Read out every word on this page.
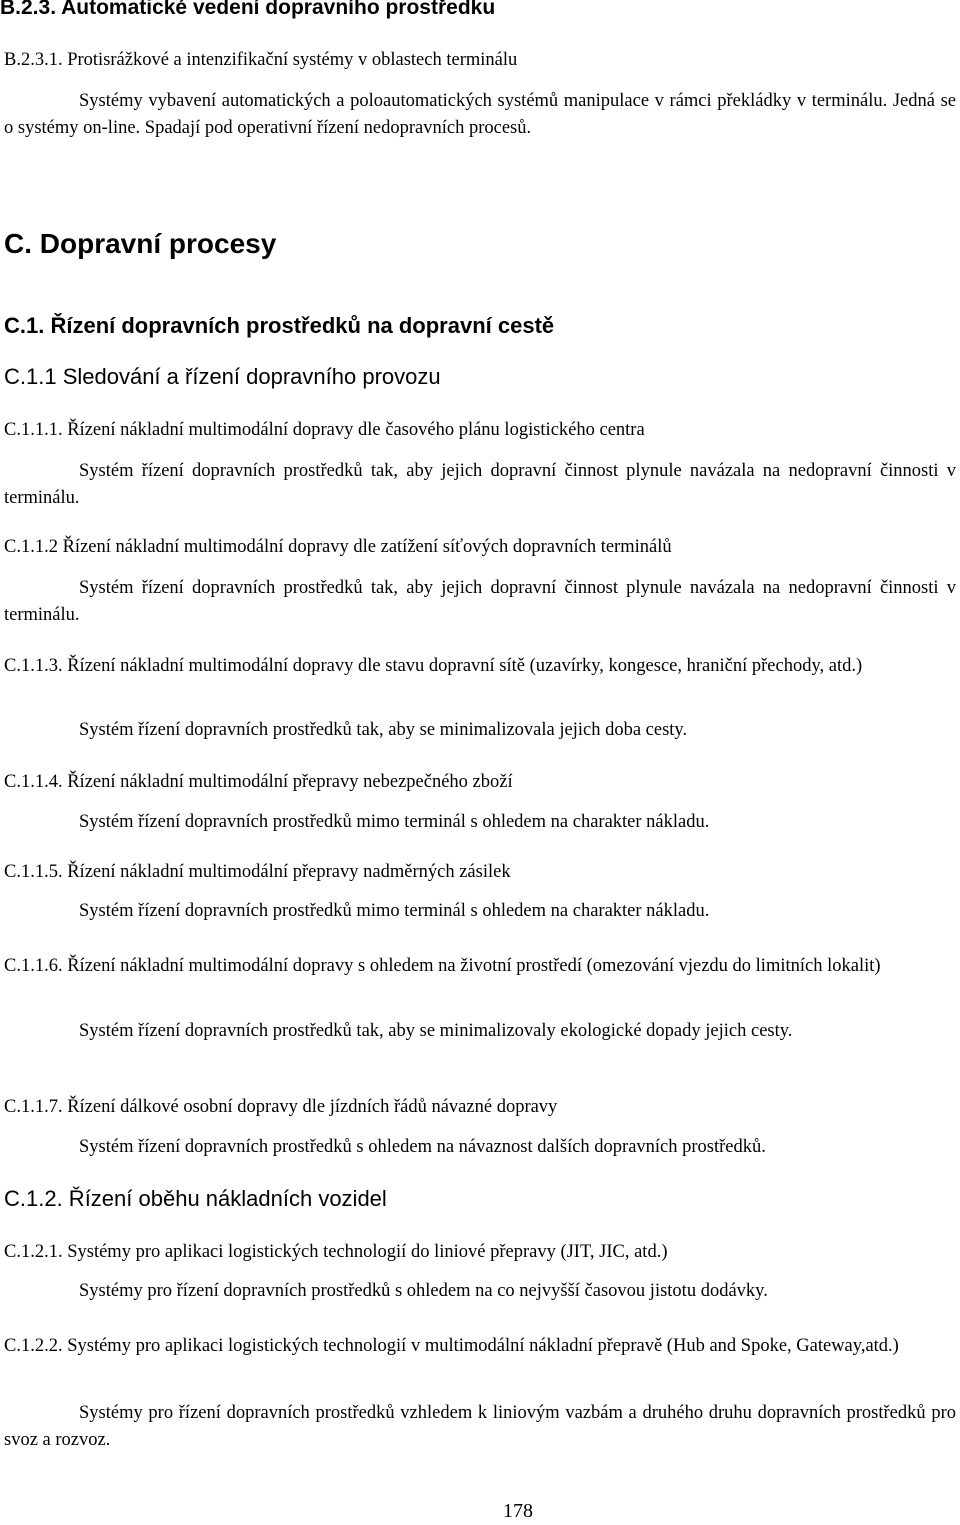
B.2.3. Automatické vedení dopravního prostředku

B.2.3.1. Protisrážkové a intenzifikační systémy v oblastech terminálu

Systémy vybavení automatických a poloautomatických systémů manipulace v rámci překládky v terminálu. Jedná se o systémy on-line. Spadají pod operativní řízení nedopravních procesů.

C. Dopravní procesy
C.1. Řízení dopravních prostředků na dopravní cestě
C.1.1 Sledování a řízení dopravního provozu

C.1.1.1. Řízení nákladní multimodální dopravy dle časového plánu logistického centra

Systém řízení dopravních prostředků tak, aby jejich dopravní činnost plynule navázala na nedopravní činnosti v terminálu.

C.1.1.2 Řízení nákladní multimodální dopravy dle zatížení síťových dopravních terminálů

Systém řízení dopravních prostředků tak, aby jejich dopravní činnost plynule navázala na nedopravní činnosti v terminálu.

C.1.1.3. Řízení nákladní multimodální dopravy dle stavu dopravní sítě (uzavírky, kongesce, hraniční přechody, atd.)

Systém řízení dopravních prostředků tak, aby se minimalizovala jejich doba cesty.

C.1.1.4. Řízení nákladní multimodální přepravy nebezpečného zboží

Systém řízení dopravních prostředků mimo terminál s ohledem na charakter nákladu.

C.1.1.5. Řízení nákladní multimodální přepravy nadměrných zásilek

Systém řízení dopravních prostředků mimo terminál s ohledem na charakter nákladu.

C.1.1.6. Řízení nákladní multimodální dopravy s ohledem na životní prostředí (omezování vjezdu do limitních lokalit)

Systém řízení dopravních prostředků tak, aby se minimalizovaly ekologické dopady jejich cesty.

C.1.1.7. Řízení dálkové osobní dopravy dle jízdních řádů návazné dopravy

Systém řízení dopravních prostředků s ohledem na návaznost dalších dopravních prostředků.

C.1.2. Řízení oběhu nákladních vozidel

C.1.2.1. Systémy pro aplikaci logistických technologií do liniové přepravy (JIT, JIC, atd.)

Systémy pro řízení dopravních prostředků s ohledem na co nejvyšší časovou jistotu dodávky.

C.1.2.2. Systémy pro aplikaci logistických technologií v multimodální nákladní přepravě (Hub and Spoke, Gateway,atd.)

Systémy pro řízení dopravních prostředků vzhledem k liniovým vazbám a druhého druhu dopravních prostředků pro svoz a rozvoz.

178
